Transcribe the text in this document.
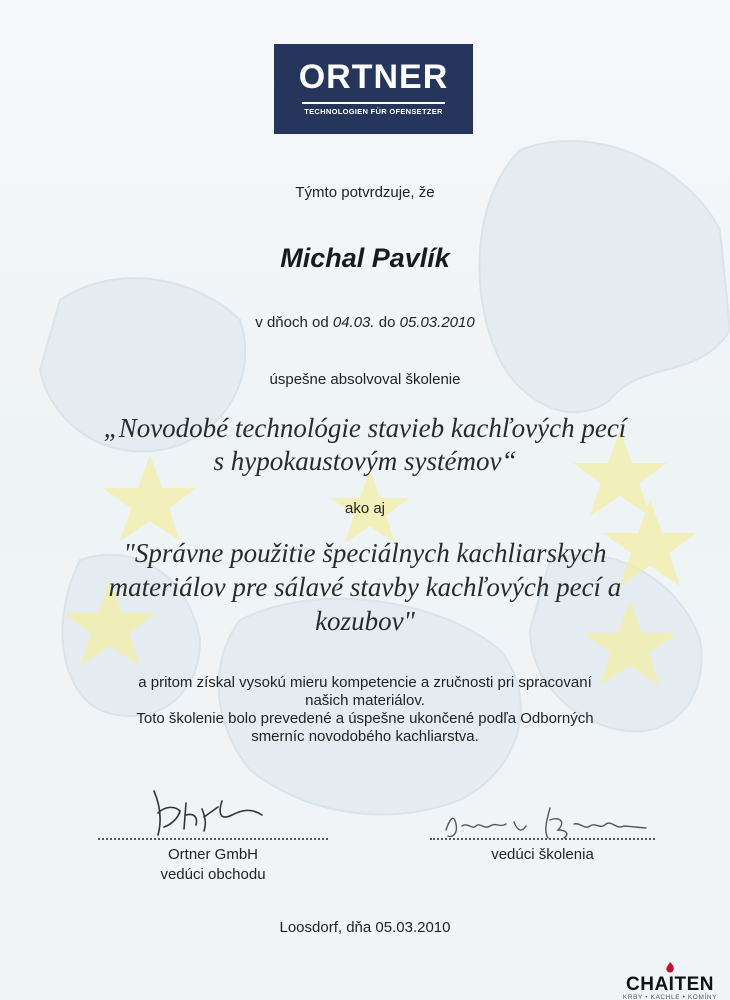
ORTNER
TECHNOLOGIEN FÜR OFENSETZER
Týmto potvrdzuje, že
Michal Pavlík
v dňoch od 04.03. do 05.03.2010
úspešne absolvoval školenie
„Novodobé technológie stavieb kachľových pecí
s hypokaustovým systémov“
ako aj
"Správne použitie špeciálnych kachliarskych
materiálov pre sálavé stavby kachľových pecí a
kozubov"
a pritom získal vysokú mieru kompetencie a zručnosti pri spracovaní
našich materiálov.
Toto školenie bolo prevedené a úspešne ukončené podľa Odborných
smerníc novodobého kachliarstva.
Ortner GmbH
vedúci obchodu
vedúci školenia
Loosdorf, dňa 05.03.2010
CHAITEN
KRBY • KACHLE • KOMÍNY
